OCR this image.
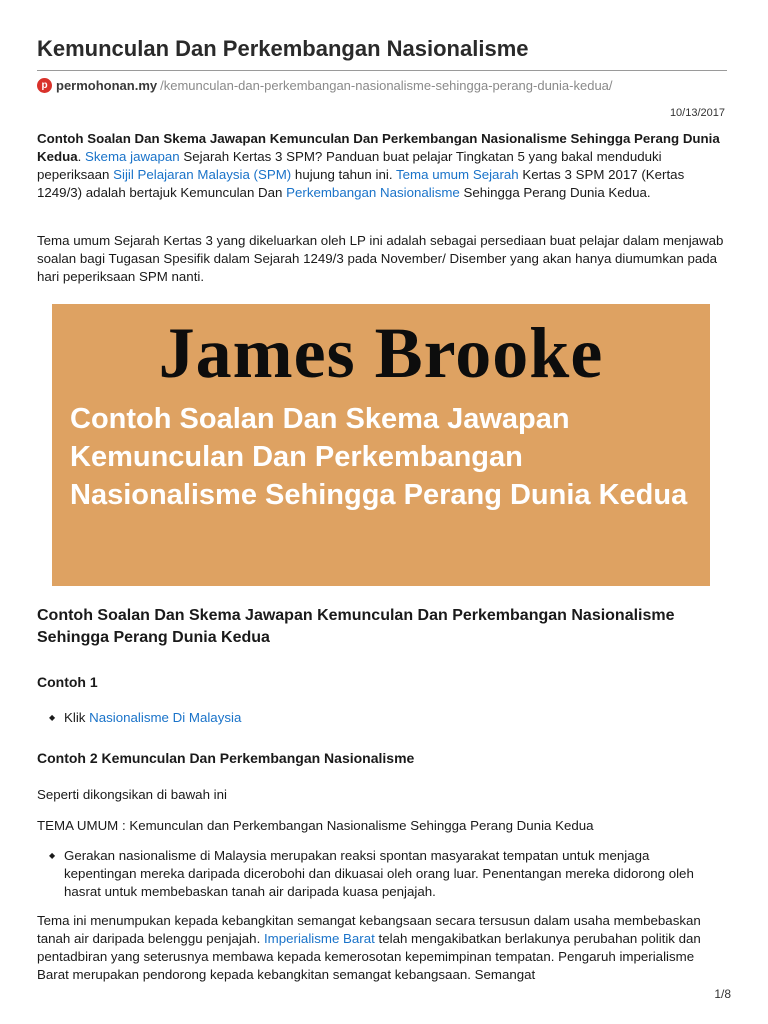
Kemunculan Dan Perkembangan Nasionalisme
p permohonan.my /kemunculan-dan-perkembangan-nasionalisme-sehingga-perang-dunia-kedua/
10/13/2017

Contoh Soalan Dan Skema Jawapan Kemunculan Dan Perkembangan Nasionalisme Sehingga Perang Dunia Kedua. Skema jawapan Sejarah Kertas 3 SPM? Panduan buat pelajar Tingkatan 5 yang bakal menduduki peperiksaan Sijil Pelajaran Malaysia (SPM) hujung tahun ini. Tema umum Sejarah Kertas 3 SPM 2017 (Kertas 1249/3) adalah bertajuk Kemunculan Dan Perkembangan Nasionalisme Sehingga Perang Dunia Kedua.

Tema umum Sejarah Kertas 3 yang dikeluarkan oleh LP ini adalah sebagai persediaan buat pelajar dalam menjawab soalan bagi Tugasan Spesifik dalam Sejarah 1249/3 pada November/ Disember yang akan hanya diumumkan pada hari peperiksaan SPM nanti.

James Brooke
Contoh Soalan Dan Skema Jawapan
Kemunculan Dan Perkembangan
Nasionalisme Sehingga Perang Dunia Kedua
Contoh Soalan Dan Skema Jawapan Kemunculan Dan Perkembangan Nasionalisme Sehingga Perang Dunia Kedua
Contoh 1
◆ Klik Nasionalisme Di Malaysia
Contoh 2 Kemunculan Dan Perkembangan Nasionalisme

Seperti dikongsikan di bawah ini

TEMA UMUM : Kemunculan dan Perkembangan Nasionalisme Sehingga Perang Dunia Kedua

◆ Gerakan nasionalisme di Malaysia merupakan reaksi spontan masyarakat tempatan untuk menjaga kepentingan mereka daripada dicerobohi dan dikuasai oleh orang luar. Penentangan mereka didorong oleh hasrat untuk membebaskan tanah air daripada kuasa penjajah.

Tema ini menumpukan kepada kebangkitan semangat kebangsaan secara tersusun dalam usaha membebaskan tanah air daripada belenggu penjajah. Imperialisme Barat telah mengakibatkan berlakunya perubahan politik dan pentadbiran yang seterusnya membawa kepada kemerosotan kepemimpinan tempatan. Pengaruh imperialisme Barat merupakan pendorong kepada kebangkitan semangat kebangsaan. Semangat

1/8
